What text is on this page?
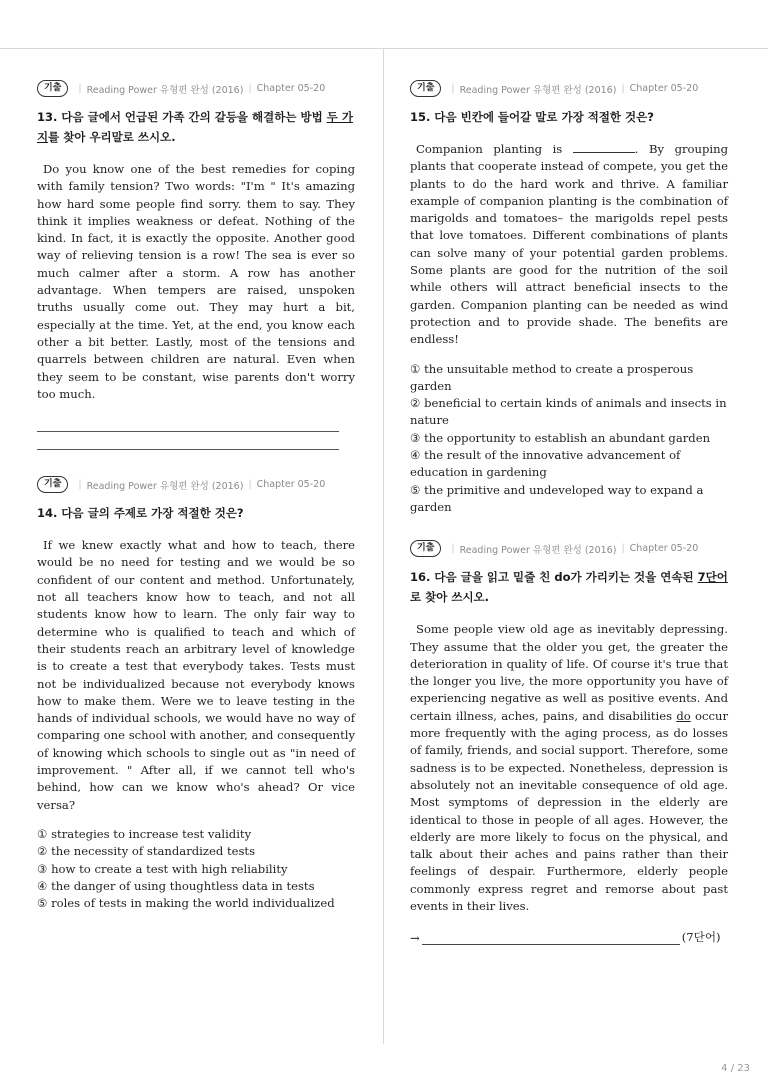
기출	| Reading Power 유형편 완성 (2016) | Chapter 05-20
13. 다음 글에서 언급된 가족 간의 갈등을 해결하는 방법 두 가지를 찾아 우리말로 쓰시오.
Do you know one of the best remedies for coping with family tension? Two words: "I'm " It's amazing how hard some people find sorry. them to say. They think it implies weakness or defeat. Nothing of the kind. In fact, it is exactly the opposite. Another good way of relieving tension is a row! The sea is ever so much calmer after a storm. A row has another advantage. When tempers are raised, unspoken truths usually come out. They may hurt a bit, especially at the time. Yet, at the end, you know each other a bit better. Lastly, most of the tensions and quarrels between children are natural. Even when they seem to be constant, wise parents don't worry too much.
기출	| Reading Power 유형편 완성 (2016) | Chapter 05-20
14. 다음 글의 주제로 가장 적절한 것은?
If we knew exactly what and how to teach, there would be no need for testing and we would be so confident of our content and method. Unfortunately, not all teachers know how to teach, and not all students know how to learn. The only fair way to determine who is qualified to teach and which of their students reach an arbitrary level of knowledge is to create a test that everybody takes. Tests must not be individualized because not everybody knows how to make them. Were we to leave testing in the hands of individual schools, we would have no way of comparing one school with another, and consequently of knowing which schools to single out as "in need of improvement. " After all, if we cannot tell who's behind, how can we know who's ahead? Or vice versa?
① strategies to increase test validity
② the necessity of standardized tests
③ how to create a test with high reliability
④ the danger of using thoughtless data in tests
⑤ roles of tests in making the world individualized
기출	| Reading Power 유형편 완성 (2016) | Chapter 05-20
15. 다음 빈칸에 들어갈 말로 가장 적절한 것은?
Companion planting is	. By grouping plants that cooperate instead of compete, you get the plants to do the hard work and thrive. A familiar example of companion planting is the combination of marigolds and tomatoes– the marigolds repel pests that love tomatoes. Different combinations of plants can solve many of your potential garden problems. Some plants are good for the nutrition of the soil while others will attract beneficial insects to the garden. Companion planting can be needed as wind protection and to provide shade. The benefits are endless!
① the unsuitable method to create a prosperous garden
② beneficial to certain kinds of animals and insects in nature
③ the opportunity to establish an abundant garden
④ the result of the innovative advancement of education in gardening
⑤ the primitive and undeveloped way to expand a garden
기출	| Reading Power 유형편 완성 (2016) | Chapter 05-20
16. 다음 글을 읽고 밑줄 친 do가 가리키는 것을 연속된 7단어로 찾아 쓰시오.
Some people view old age as inevitably depressing. They assume that the older you get, the greater the deterioration in quality of life. Of course it's true that the longer you live, the more opportunity you have of experiencing negative as well as positive events. And certain illness, aches, pains, and disabilities do occur more frequently with the aging process, as do losses of family, friends, and social support. Therefore, some sadness is to be expected. Nonetheless, depression is absolutely not an inevitable consequence of old age. Most symptoms of depression in the elderly are identical to those in people of all ages. However, the elderly are more likely to focus on the physical, and talk about their aches and pains rather than their feelings of despair. Furthermore, elderly people commonly express regret and remorse about past events in their lives.
→	(7단어)
4 / 23
